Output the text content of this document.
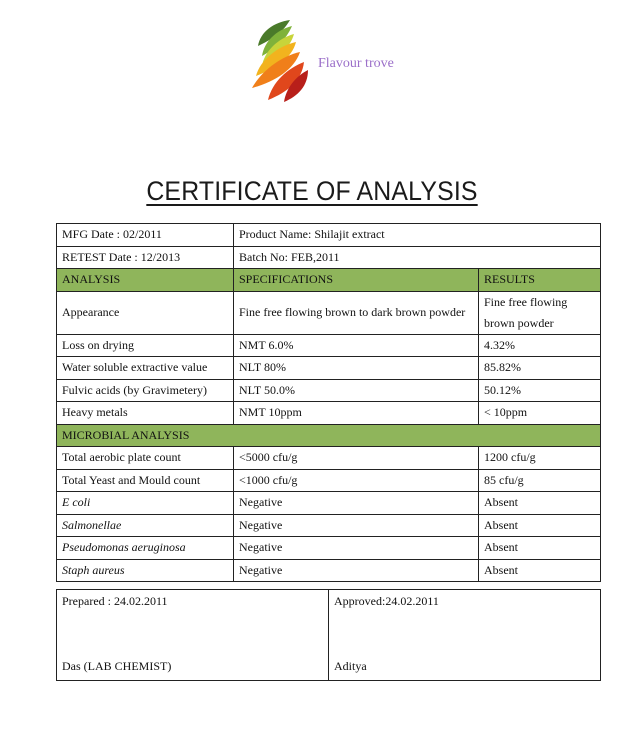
Flavour trove
CERTIFICATE OF ANALYSIS
MFG Date : 02/2011	Product Name: Shilajit extract	
RETEST Date : 12/2013	Batch No: FEB,2011	
ANALYSIS	SPECIFICATIONS	RESULTS
Appearance	Fine free flowing brown to dark brown powder	Fine free flowing brown powder
Loss on drying	NMT 6.0%	4.32%
Water soluble extractive value	NLT 80%	85.82%
Fulvic acids (by Gravimetery)	NLT 50.0%	50.12%
Heavy metals	NMT 10ppm	< 10ppm
MICROBIAL ANALYSIS		
Total aerobic plate count	<5000 cfu/g	1200 cfu/g
Total Yeast and Mould count	<1000 cfu/g	85 cfu/g
E coli	Negative	Absent
Salmonellae	Negative	Absent
Pseudomonas aeruginosa	Negative	Absent
Staph aureus	Negative	Absent
Prepared : 24.02.2011
Das (LAB CHEMIST)
Approved:24.02.2011
Aditya
